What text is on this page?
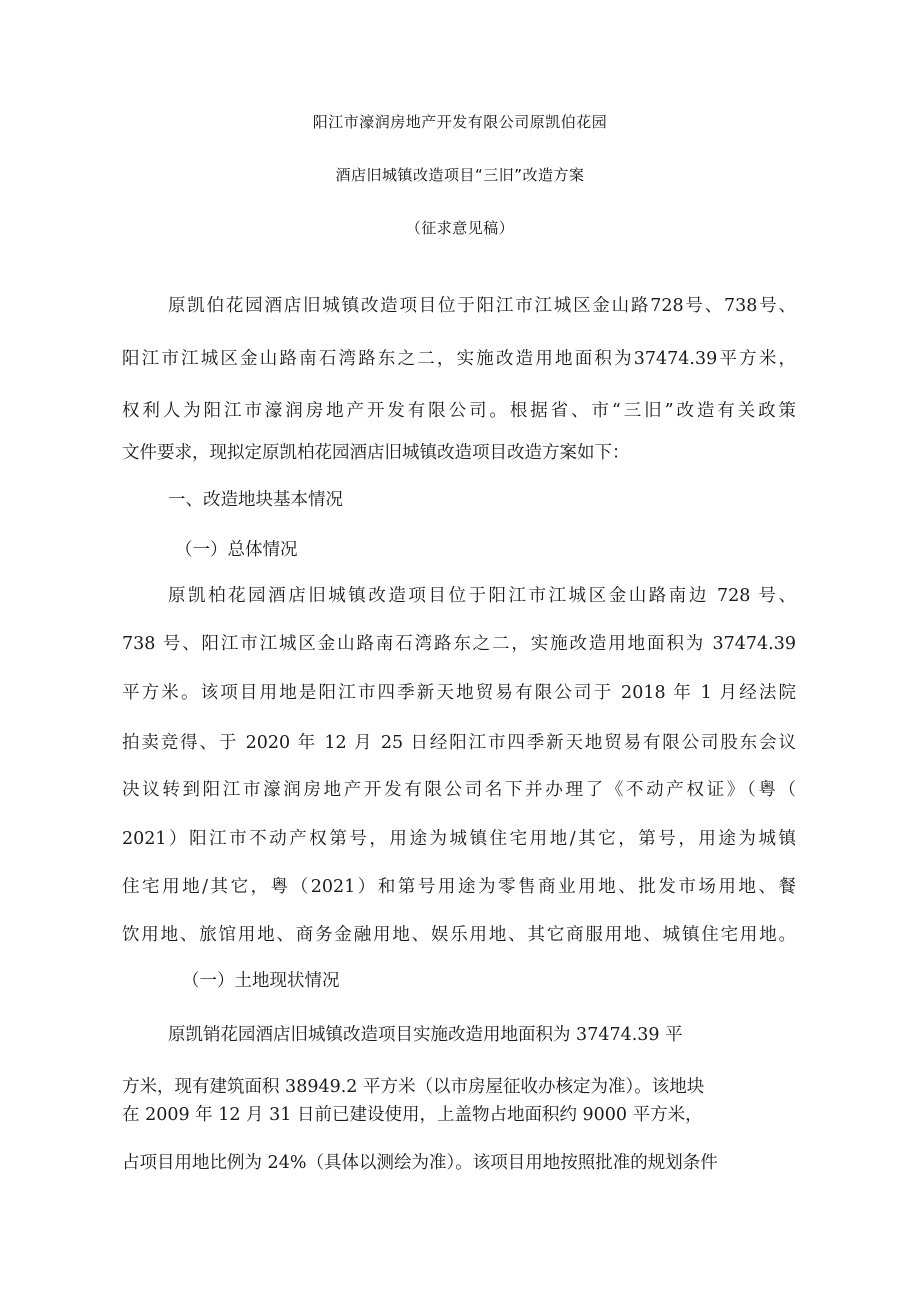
阳江市濠润房地产开发有限公司原凯伯花园
酒店旧城镇改造项目“三旧”改造方案
（征求意见稿）
原凯伯花园酒店旧城镇改造项目位于阳江市江城区金山路728号、738号、
阳江市江城区金山路南石湾路东之二，实施改造用地面积为37474.39平方米，
权利人为阳江市濠润房地产开发有限公司。根据省、市“三旧”改造有关政策
文件要求，现拟定原凯柏花园酒店旧城镇改造项目改造方案如下：
一、改造地块基本情况
（一）总体情况
原凯柏花园酒店旧城镇改造项目位于阳江市江城区金山路南边 728 号、
738 号、阳江市江城区金山路南石湾路东之二，实施改造用地面积为 37474.39
平方米。该项目用地是阳江市四季新天地贸易有限公司于 2018 年 1 月经法院
拍卖竞得、于 2020 年 12 月 25 日经阳江市四季新天地贸易有限公司股东会议
决议转到阳江市濠润房地产开发有限公司名下并办理了《不动产权证》（粤（
2021）阳江市不动产权第号，用途为城镇住宅用地/其它，第号，用途为城镇
住宅用地/其它，粤（2021）和第号用途为零售商业用地、批发市场用地、餐
饮用地、旅馆用地、商务金融用地、娱乐用地、其它商服用地、城镇住宅用地。
（一）土地现状情况
原凯销花园酒店旧城镇改造项目实施改造用地面积为 37474.39 平
方米，现有建筑面积 38949.2 平方米（以市房屋征收办核定为准）。该地块
在 2009 年 12 月 31 日前已建设使用，上盖物占地面积约 9000 平方米，
占项目用地比例为 24%（具体以测绘为准）。该项目用地按照批准的规划条件
